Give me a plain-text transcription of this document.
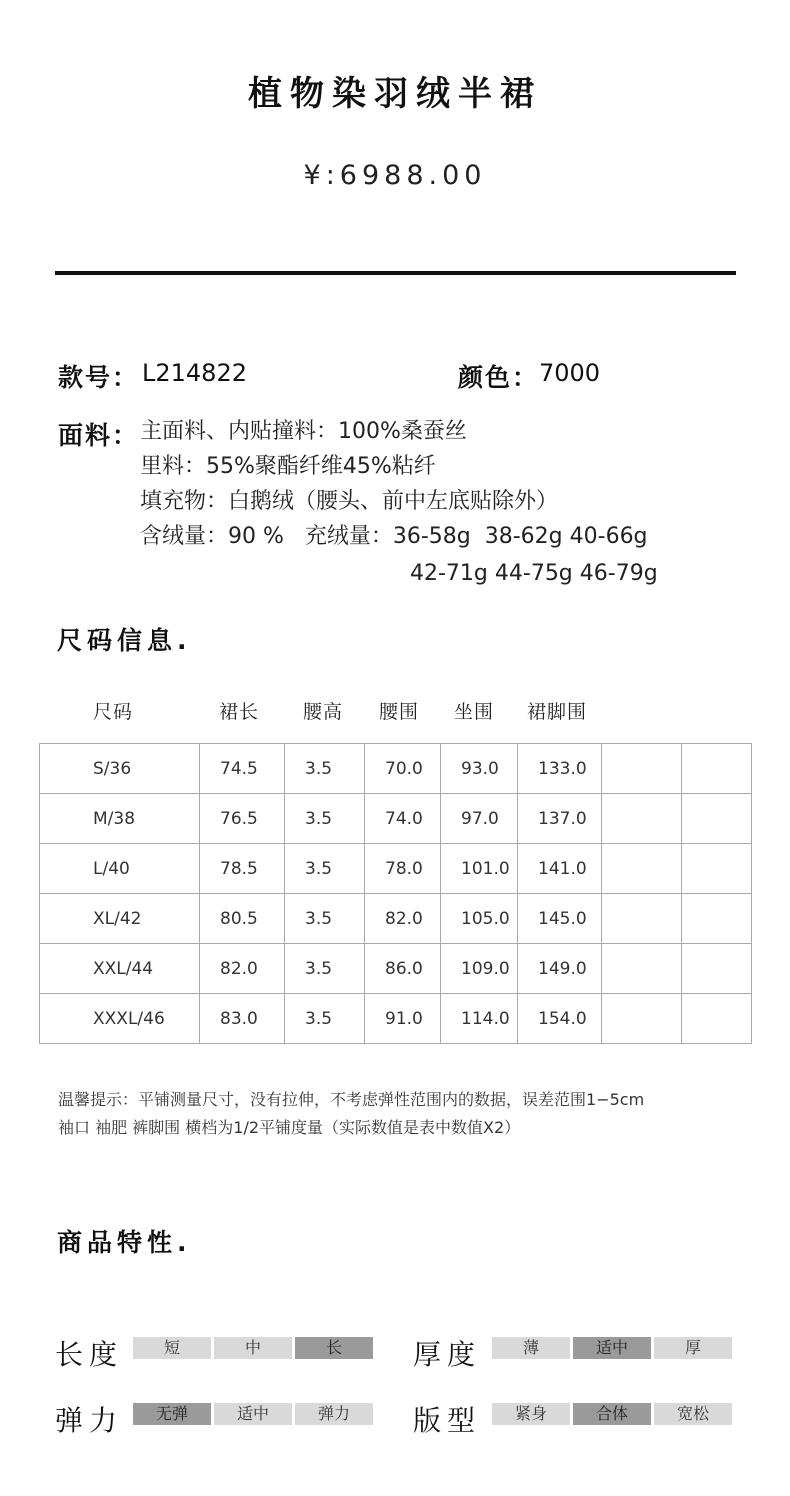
植物染羽绒半裙
¥:6988.00
款号： L214822	颜色： 7000
面料： 主面料、内贴撞料：100%桑蚕丝
里料：55%聚酯纤维45%粘纤
填充物：白鹅绒（腰头、前中左底贴除外）
含绒量：90 %   充绒量：36-58g  38-62g 40-66g
42-71g 44-75g 46-79g
尺码信息.
尺码	裙长 腰高 腰围 坐围 裙脚围
S/36	74.5	3.5	70.0	93.0	133.0		
M/38	76.5	3.5	74.0	97.0	137.0		
L/40	78.5	3.5	78.0	101.0	141.0		
XL/42	80.5	3.5	82.0	105.0	145.0		
XXL/44	82.0	3.5	86.0	109.0	149.0		
XXXL/46	83.0	3.5	91.0	114.0	154.0		
温馨提示：平铺测量尺寸，没有拉伸，不考虑弹性范围内的数据，误差范围1−5cm
袖口 袖肥 裤脚围 横档为1/2平铺度量（实际数值是表中数值X2）
商品特性.
长度	短	中	长	厚度	薄	适中	厚
弹力	无弹	适中	弹力	版型	紧身	合体	宽松
